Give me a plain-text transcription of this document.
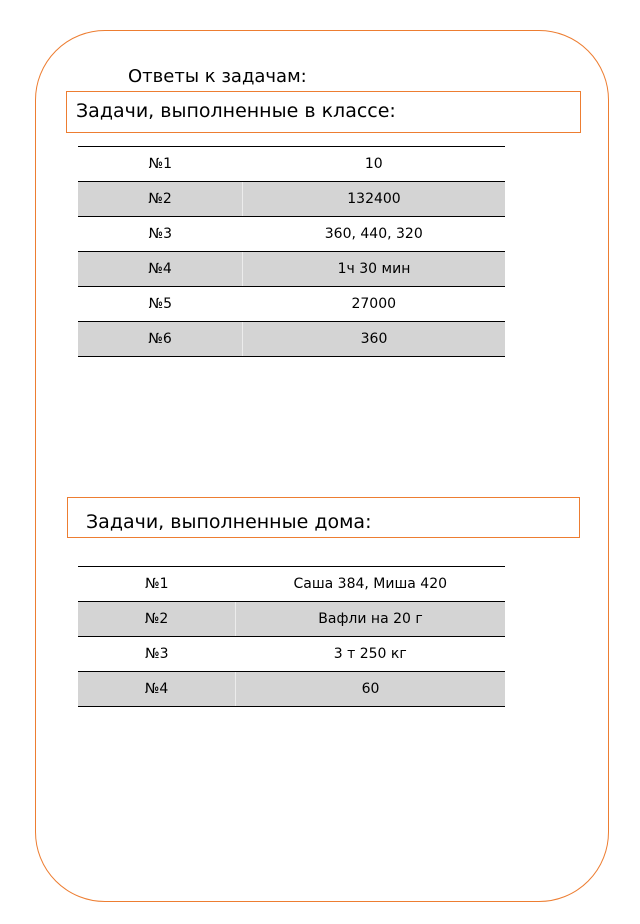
Ответы к задачам:
Задачи, выполненные в классе:
№1	10
№2	132400
№3	360, 440, 320
№4	1ч 30 мин
№5	27000
№6	360
Задачи, выполненные дома:
№1	Саша 384, Миша 420
№2	Вафли на 20 г
№3	3 т 250 кг
№4	60
